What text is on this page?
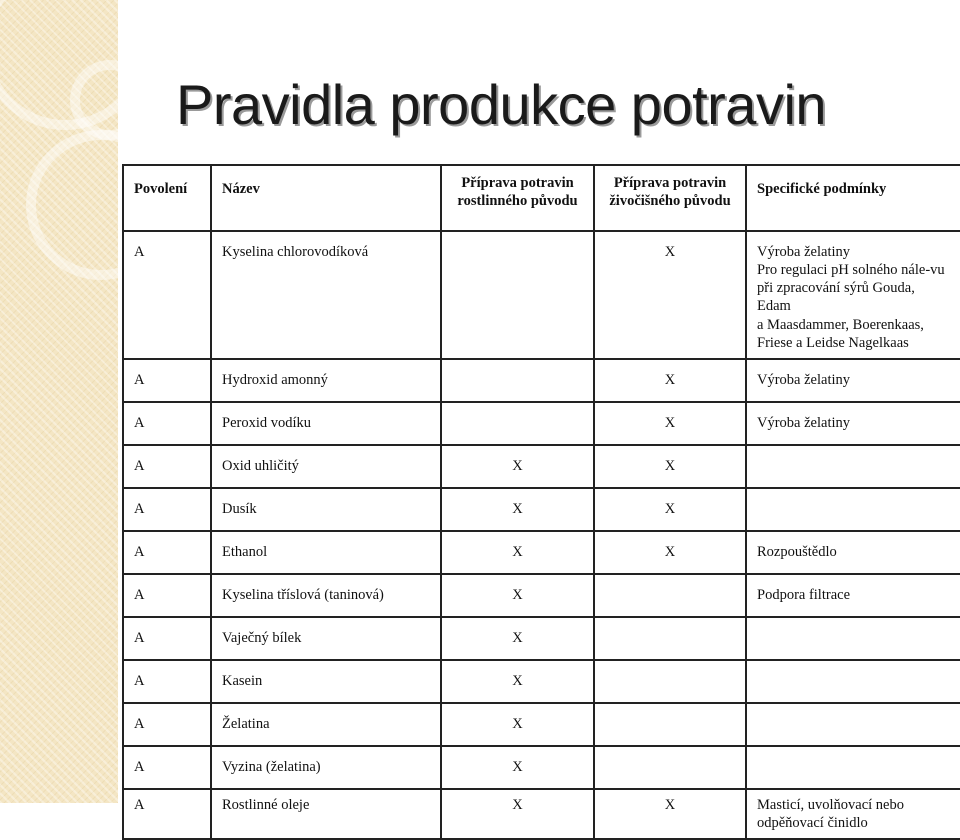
Pravidla produkce potravin
Povolení	Název	Příprava potravin rostlinného původu	Příprava potravin živočišného původu	Specifické podmínky
A	Kyselina chlorovodíková		X	Výroba želatiny
Pro regulaci pH solného nále-vu při zpracování sýrů Gouda, Edam
a Maasdammer, Boerenkaas, Friese a Leidse Nagelkaas
A	Hydroxid amonný		X	Výroba želatiny
A	Peroxid vodíku		X	Výroba želatiny
A	Oxid uhličitý	X	X	
A	Dusík	X	X	
A	Ethanol	X	X	Rozpouštědlo
A	Kyselina tříslová (taninová)	X		Podpora filtrace
A	Vaječný bílek	X		
A	Kasein	X		
A	Želatina	X		
A	Vyzina (želatina)	X		
A	Rostlinné oleje	X	X	Masticí, uvolňovací nebo odpěňovací činidlo
